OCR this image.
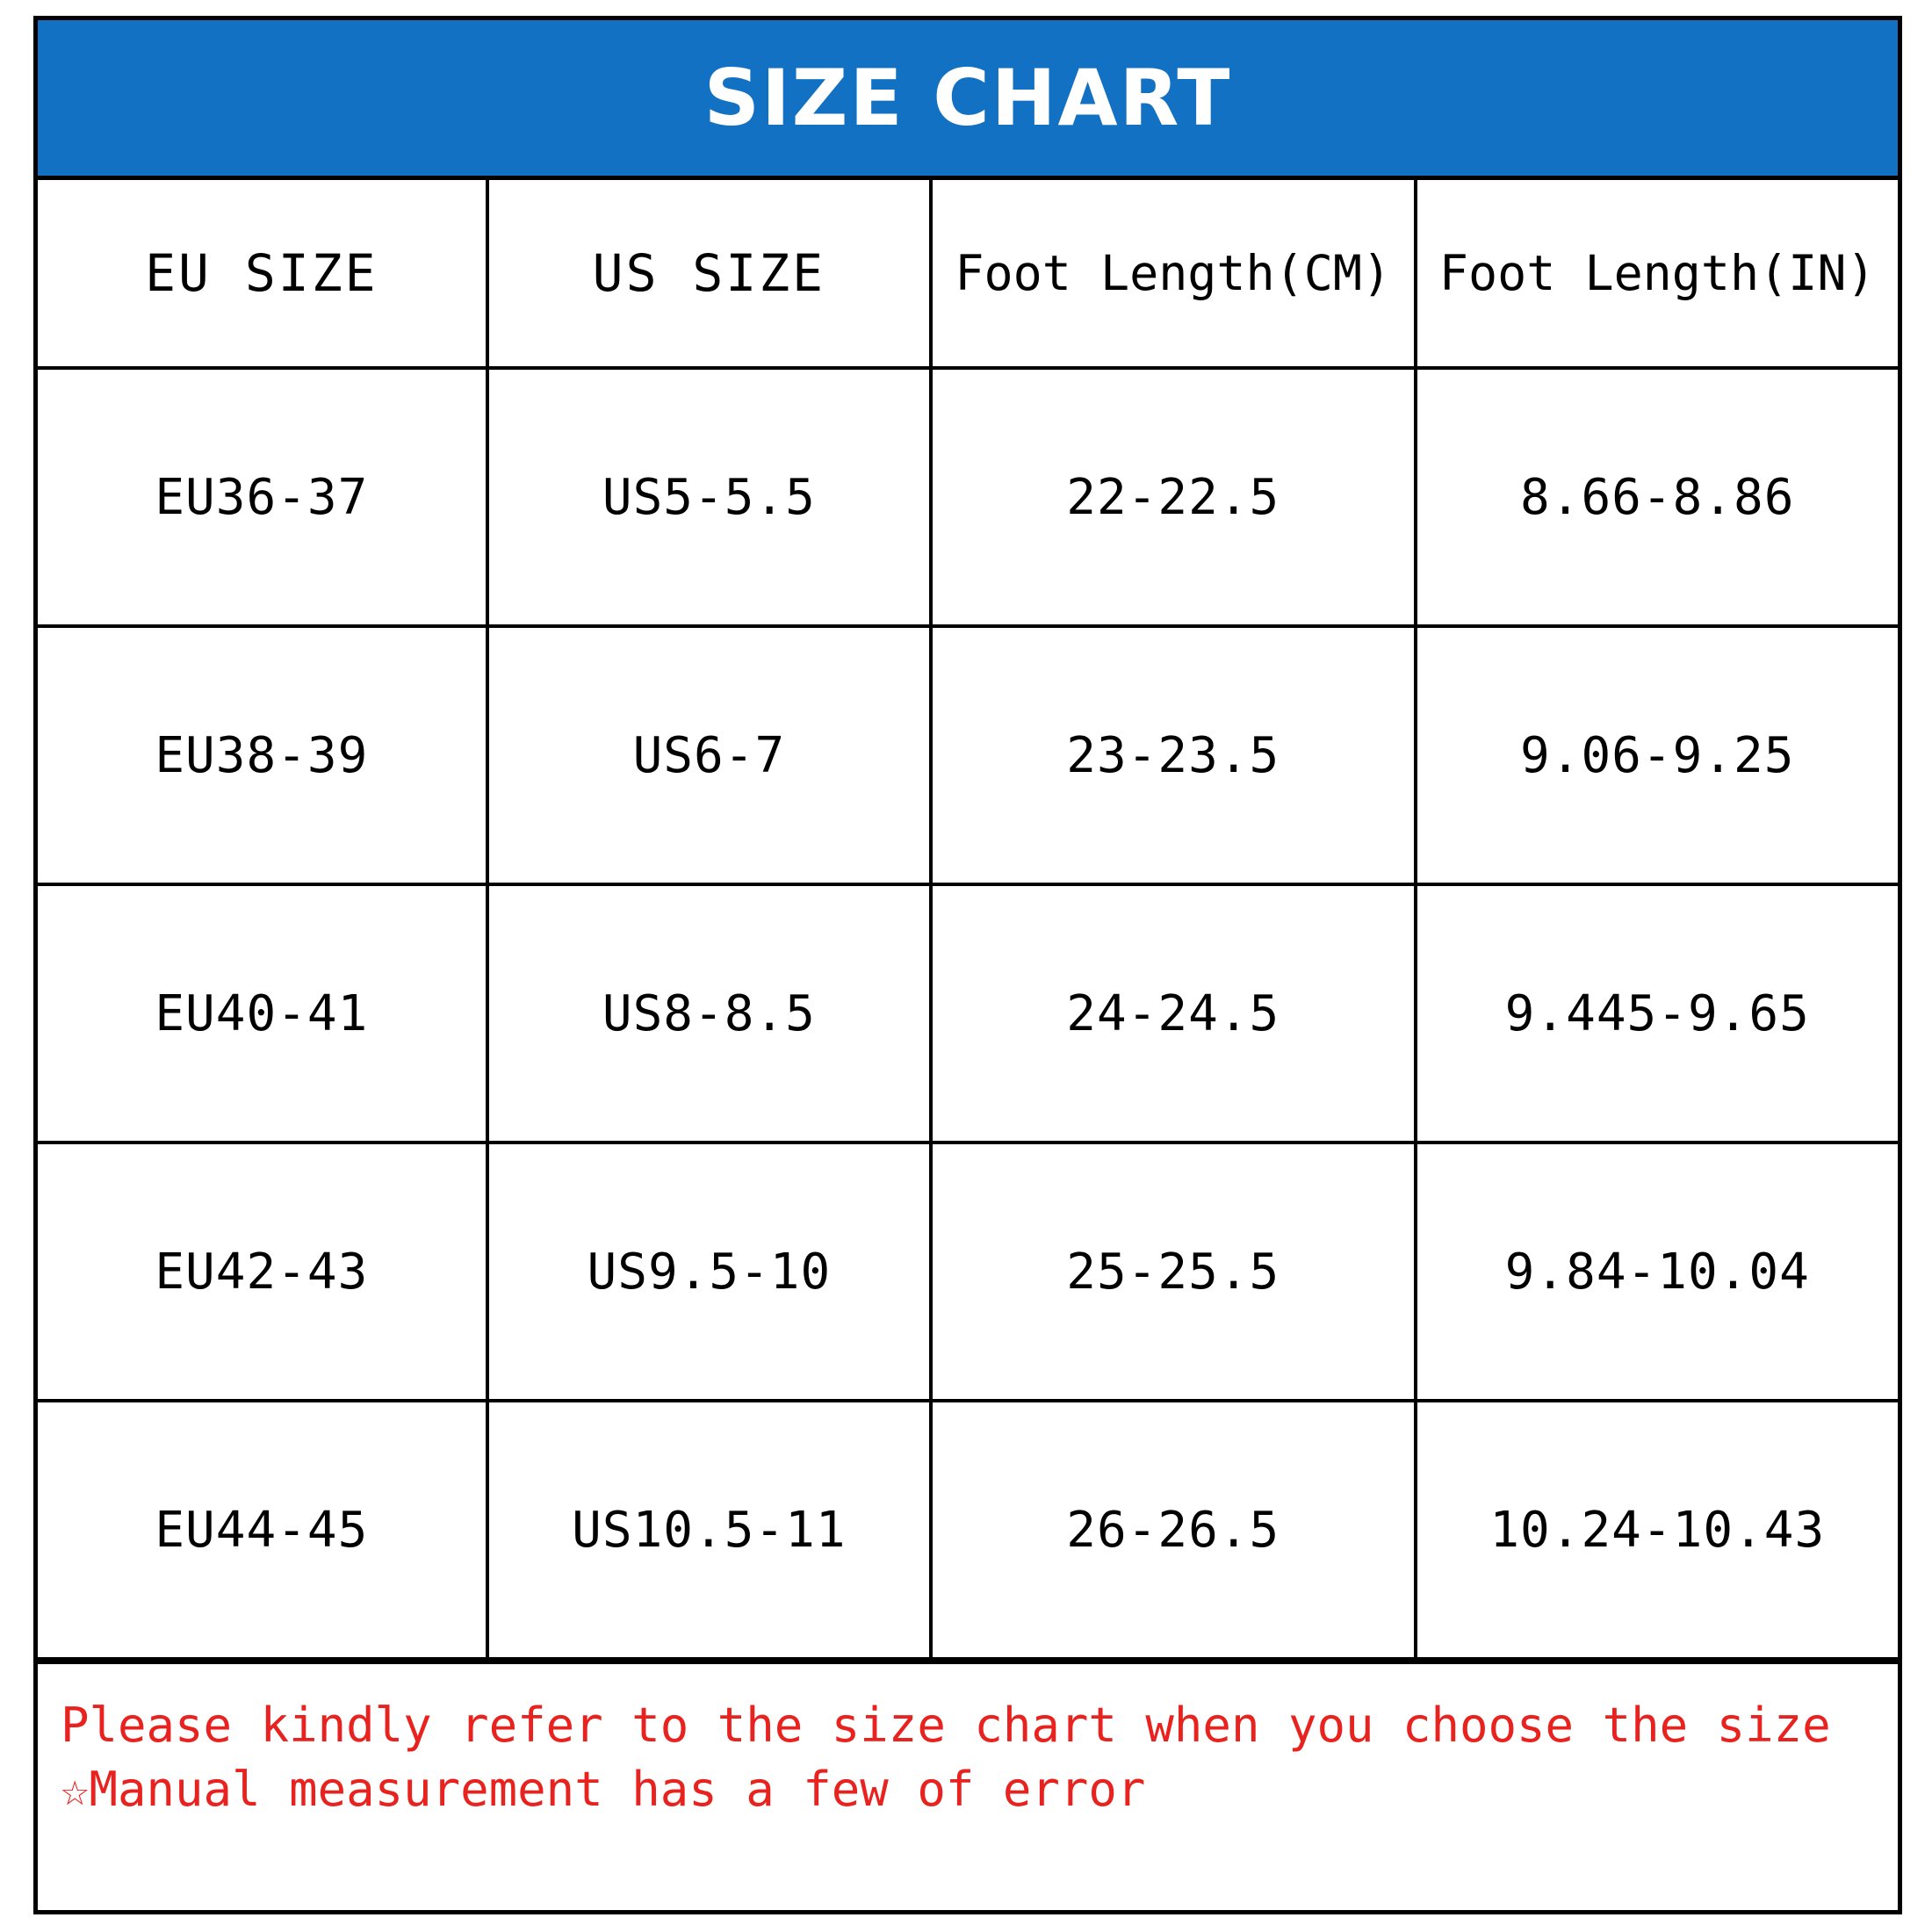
SIZE CHART
EU SIZE	US SIZE	Foot Length(CM)	Foot Length(IN)
EU36-37	US5-5.5	22-22.5	8.66-8.86
EU38-39	US6-7	23-23.5	9.06-9.25
EU40-41	US8-8.5	24-24.5	9.445-9.65
EU42-43	US9.5-10	25-25.5	9.84-10.04
EU44-45	US10.5-11	26-26.5	10.24-10.43
Please kindly refer to the size chart when you choose the size
☆Manual measurement has a few of error
